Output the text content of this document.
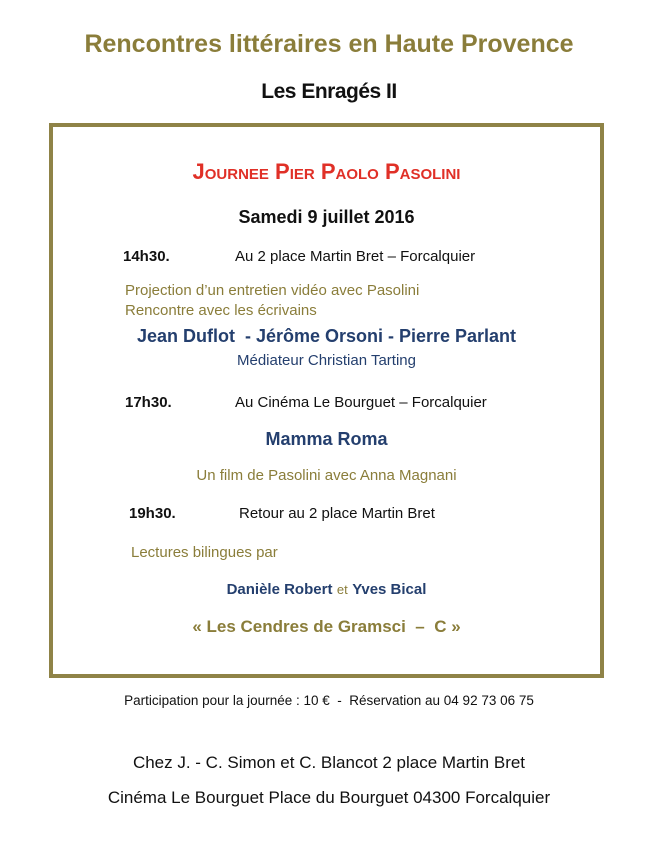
Rencontres littéraires en Haute Provence
Les Enragés II
Journee Pier Paolo Pasolini
Samedi 9 juillet 2016
14h30.	Au 2 place Martin Bret – Forcalquier
Projection d’un entretien vidéo avec Pasolini
Rencontre avec les écrivains
Jean Duflot  - Jérôme Orsoni - Pierre Parlant
Médiateur Christian Tarting
17h30.	Au Cinéma Le Bourguet – Forcalquier
Mamma Roma
Un film de Pasolini avec Anna Magnani
19h30.	Retour au 2 place Martin Bret
Lectures bilingues par
Danièle Robert et Yves Bical
« Les Cendres de Gramsci  –  C »
Participation pour la journée : 10 €  -  Réservation au 04 92 73 06 75
Chez J. - C. Simon et C. Blancot 2 place Martin Bret
Cinéma Le Bourguet Place du Bourguet 04300 Forcalquier
